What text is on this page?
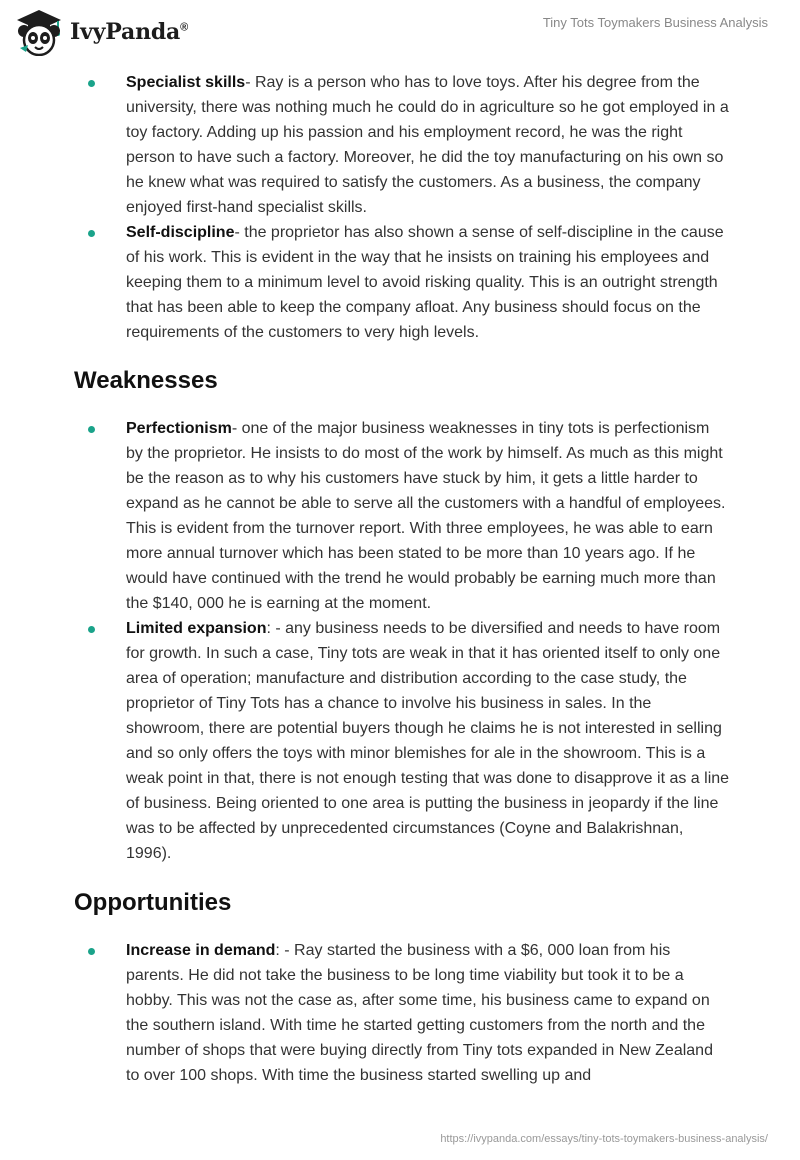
IvyPanda®	Tiny Tots Toymakers Business Analysis
Specialist skills- Ray is a person who has to love toys. After his degree from the university, there was nothing much he could do in agriculture so he got employed in a toy factory. Adding up his passion and his employment record, he was the right person to have such a factory. Moreover, he did the toy manufacturing on his own so he knew what was required to satisfy the customers. As a business, the company enjoyed first-hand specialist skills.
Self-discipline- the proprietor has also shown a sense of self-discipline in the cause of his work. This is evident in the way that he insists on training his employees and keeping them to a minimum level to avoid risking quality. This is an outright strength that has been able to keep the company afloat. Any business should focus on the requirements of the customers to very high levels.
Weaknesses
Perfectionism- one of the major business weaknesses in tiny tots is perfectionism by the proprietor. He insists to do most of the work by himself. As much as this might be the reason as to why his customers have stuck by him, it gets a little harder to expand as he cannot be able to serve all the customers with a handful of employees. This is evident from the turnover report. With three employees, he was able to earn more annual turnover which has been stated to be more than 10 years ago. If he would have continued with the trend he would probably be earning much more than the $140, 000 he is earning at the moment.
Limited expansion: - any business needs to be diversified and needs to have room for growth. In such a case, Tiny tots are weak in that it has oriented itself to only one area of operation; manufacture and distribution according to the case study, the proprietor of Tiny Tots has a chance to involve his business in sales. In the showroom, there are potential buyers though he claims he is not interested in selling and so only offers the toys with minor blemishes for ale in the showroom. This is a weak point in that, there is not enough testing that was done to disapprove it as a line of business. Being oriented to one area is putting the business in jeopardy if the line was to be affected by unprecedented circumstances (Coyne and Balakrishnan, 1996).
Opportunities
Increase in demand: - Ray started the business with a $6, 000 loan from his parents. He did not take the business to be long time viability but took it to be a hobby. This was not the case as, after some time, his business came to expand on the southern island. With time he started getting customers from the north and the number of shops that were buying directly from Tiny tots expanded in New Zealand to over 100 shops. With time the business started swelling up and
https://ivypanda.com/essays/tiny-tots-toymakers-business-analysis/
